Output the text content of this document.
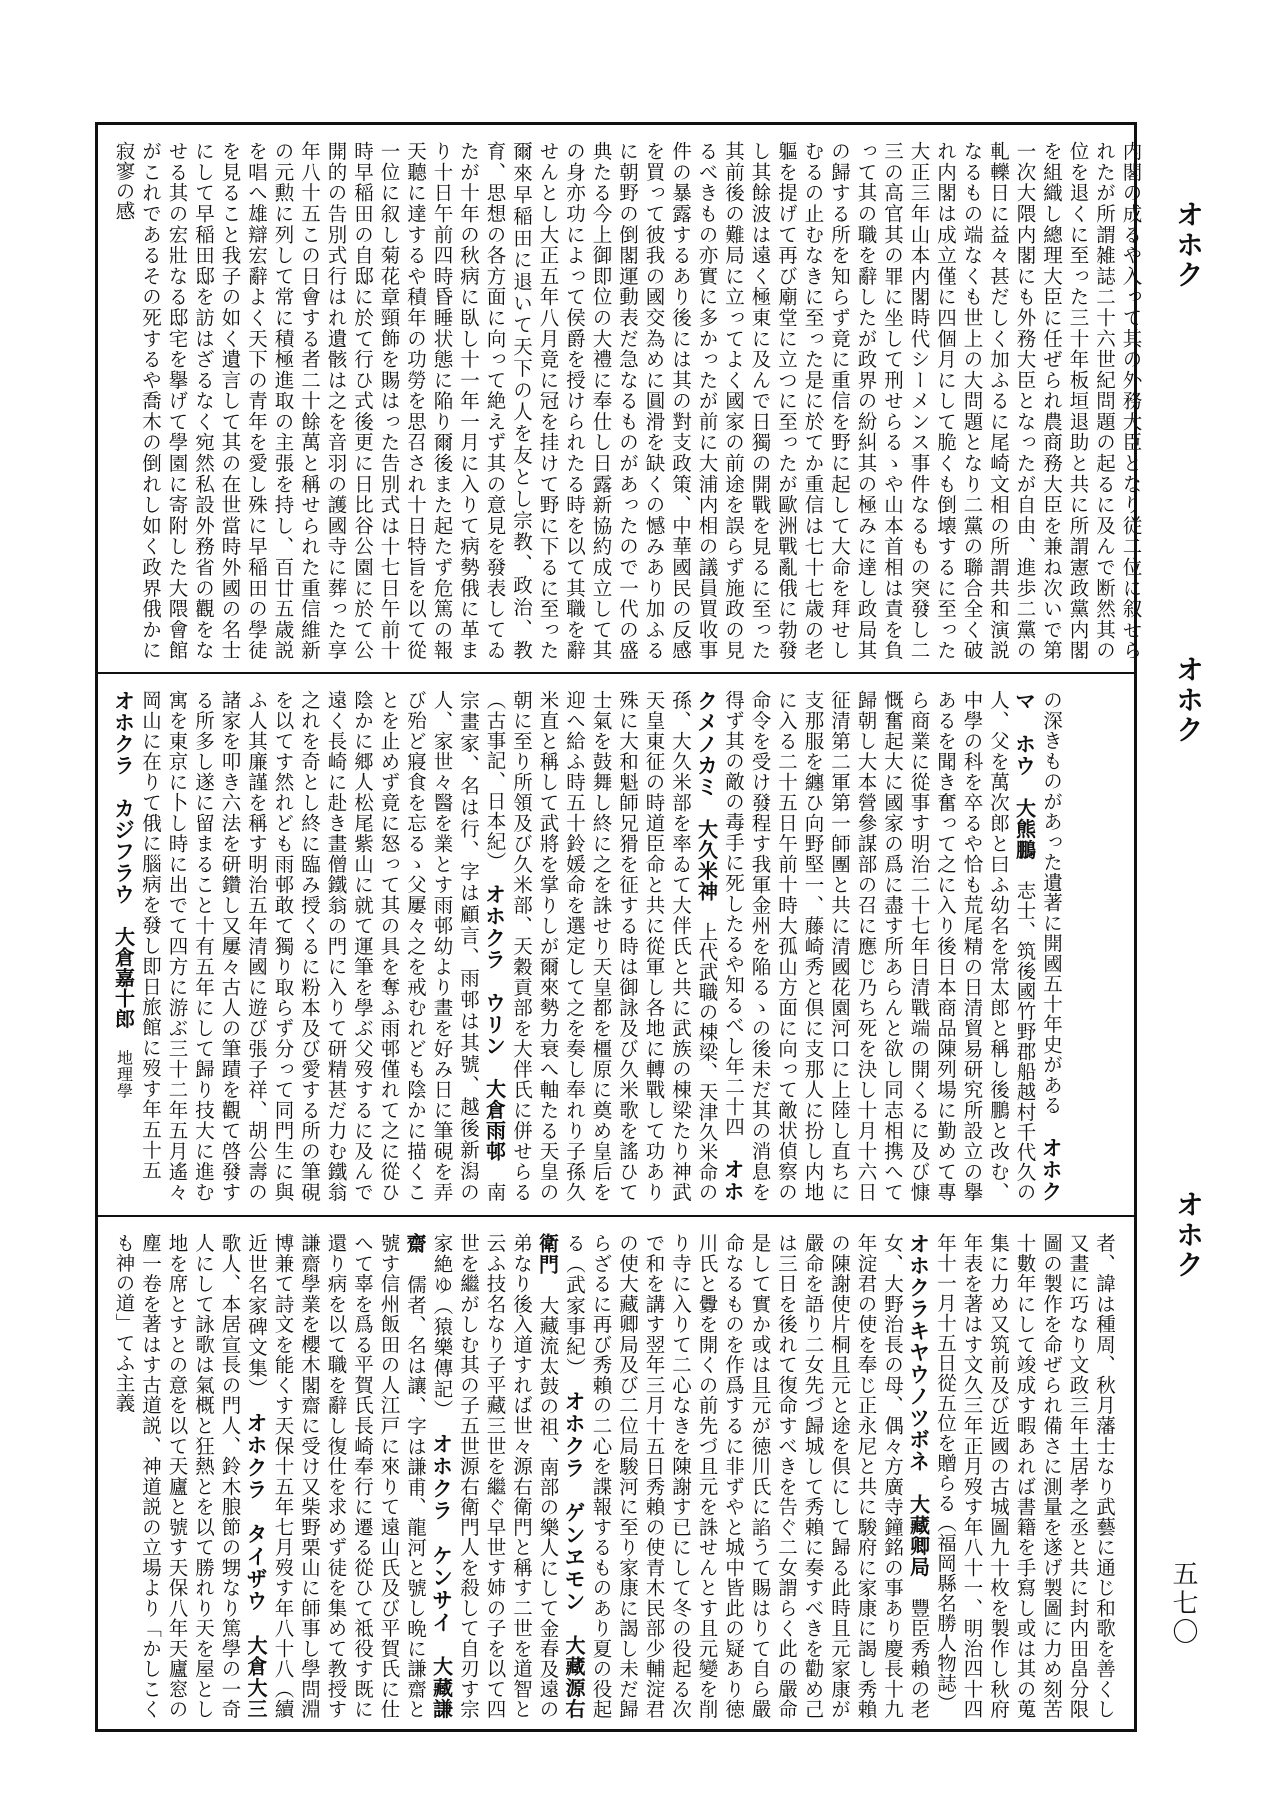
オホク
オホク
オホク
五七〇
内閣の成るや入って其の外務大臣となり従二位に叙せられたが所謂雑誌二十六世紀問題の起るに及んで断然其の位を退くに至った三十年板垣退助と共に所謂憲政黨内閣を組織し總理大臣に任ぜられ農商務大臣を兼ね次いで第一次大隈内閣にも外務大臣となったが自由、進歩二黨の軋轢日に益々甚だしく加ふるに尾崎文相の所謂共和演説なるもの端なくも世上の大問題となり二黨の聯合全く破れ内閣は成立僅に四個月にして脆くも倒壊するに至った大正三年山本内閣時代シーメンス事件なるもの突發し二三の高官其の罪に坐して刑せらるゝや山本首相は責を負って其の職を辭したが政界の紛糾其の極みに達し政局其の歸する所を知らず竟に重信を野に起して大命を拜せしむるの止むなきに至った是に於てか重信は七十七歳の老軀を提げて再び廟堂に立つに至ったが歐洲戰亂俄に勃發し其餘波は遠く極東に及んで日獨の開戰を見るに至った其前後の難局に立ってよく國家の前途を誤らず施政の見るべきもの亦實に多かったが前に大浦内相の議員買收事件の暴露するあり後には其の對支政策、中華國民の反感を買って彼我の國交為めに圓滑を缺くの憾みあり加ふるに朝野の倒閣運動表だ急なるものがあったので一代の盛典たる今上御即位の大禮に奉仕し日露新協約成立して其の身亦功によって侯爵を授けられたる時を以て其職を辭せんとし大正五年八月竟に冠を挂けて野に下るに至った爾來早稲田に退いて天下の人を友とし宗教、政治、教育、思想の各方面に向って絶えず其の意見を發表してゐたが十年の秋病に臥し十一年一月に入りて病勢俄に革まり十日午前四時昏睡状態に陥り爾後また起たず危篤の報天聽に達するや積年の功勞を思召され十日特旨を以て從一位に叙し菊花章頸飾を賜はった告別式は十七日午前十時早稲田の自邸に於て行ひ式後更に日比谷公園に於て公開的の告別式行はれ遺骸は之を音羽の護國寺に葬った享年八十五この日會する者二十餘萬と稱せられた重信維新の元勲に列して常に積極進取の主張を持し、百廿五歳説を唱へ雄辯宏辭よく天下の青年を愛し殊に早稲田の學徒を見ること我子の如く遺言して其の在世當時外國の名士にして早稲田邸を訪はざるなく宛然私設外務省の觀をなせる其の宏壯なる邸宅を擧げて學園に寄附した大隈會館がこれであるその死するや喬木の倒れし如く政界俄かに寂寥の感
の深きものがあった遺著に開國五十年史がある　オホクマ　ホウ　大熊鵬　志士、筑後國竹野郡船越村千代久の人、父を萬次郎と曰ふ幼名を常太郎と稱し後鵬と改む、中學の科を卒るや恰も荒尾精の日清貿易研究所設立の擧あるを聞き奮って之に入り後日本商品陳列場に勤めて專ら商業に從事す明治二十七年日清戰端の開くるに及び慷慨奮起大に國家の爲に盡す所あらんと欲し同志相携へて歸朝し大本營參謀部の召に應じ乃ち死を決し十月十六日征清第二軍第一師團と共に清國花園河口に上陸し直ちに支那服を纏ひ向野堅一、藤崎秀と倶に支那人に扮し内地に入る二十五日午前十時大孤山方面に向って敵状偵察の命令を受け發程す我軍金州を陥るゝの後未だ其の消息を得ず其の敵の毒手に死したるや知るべし年二十四　オホクメノカミ　大久米神　上代武職の棟梁、天津久米命の孫、大久米部を率ゐて大伴氏と共に武族の棟梁たり神武天皇東征の時道臣命と共に從軍し各地に轉戰して功あり殊に大和魁師兄猾を征する時は御詠及び久米歌を謠ひて士氣を鼓舞し終に之を誅せり天皇都を橿原に奠め皇后を迎へ給ふ時五十鈴媛命を選定して之を奏し奉れり子孫久米直と稱して武將を掌りしが爾來勢力衰へ軸たる天皇の朝に至り所領及び久米部、天穀貢部を大伴氏に併せらる（古事記、日本紀）　オホクラ　ウリン　大倉雨邨　南宗畫家、名は行、字は顧言、雨邨は其號、越後新潟の人、家世々醫を業とす雨邨幼より畫を好み日に筆硯を弄び殆ど寢食を忘るゝ父屢々之を戒むれども陰かに描くことを止めず竟に怒って其の具を奪ふ雨邨僅れて之に從ひ陰かに郷人松尾紫山に就て運筆を學ぶ父歿するに及んで遠く長崎に赴き畫僧鐵翁の門に入りて研精甚だ力む鐵翁之れを奇とし終に臨み授くるに粉本及び愛する所の筆硯を以てす然れども雨邨敢て獨り取らず分って同門生に與ふ人其廉謹を稱す明治五年清國に遊び張子祥、胡公壽の諸家を叩き六法を研鑽し又屢々古人の筆蹟を觀て啓發する所多し遂に留まること十有五年にして歸り技大に進む寓を東京に卜し時に出でて四方に游ぶ三十二年五月遙々岡山に在りて俄に腦病を發し即日旅館に歿す年五十五　オホクラ　カジフラウ　大倉嘉十郎　地理學　
者、諱は種周、秋月藩士なり武藝に通じ和歌を善くし又畫に巧なり文政三年土居孝之丞と共に封内田畠分限圖の製作を命ぜられ備さに測量を遂げ製圖に力め刻苦十數年にして竣成す暇あれば書籍を手寫し或は其の蒐集に力め又筑前及び近國の古城圖九十枚を製作し秋府年表を著はす文久三年正月歿す年八十一、明治四十四年十一月十五日從五位を贈らる（福岡縣名勝人物誌）　オホクラキヤウノツボネ　大藏卿局　豐臣秀賴の老女、大野治長の母、偶々方廣寺鐘銘の事あり慶長十九年淀君の使を奉じ正永尼と共に駿府に家康に謁し秀賴の陳謝使片桐且元と途を倶にして歸る此時且元家康が嚴命を語り二女先づ歸城して秀賴に奏すべきを勸め己は三日を後れて復命すべきを告ぐ二女謂らく此の嚴命是して實か或は且元が徳川氏に諂うて賜はりて自ら嚴命なるものを作爲するに非ずやと城中皆此の疑あり徳川氏と釁を開くの前先づ且元を誅せんとす且元變を削り寺に入りて二心なきを陳謝す已にして冬の役起る次で和を講す翌年三月十五日秀賴の使青木民部少輔淀君の使大藏卿局及び二位局駿河に至り家康に謁し未だ歸らざるに再び秀賴の二心を諜報するものあり夏の役起る（武家事紀）　オホクラ　ゲンヱモン　大藏源右衛門　大藏流太鼓の祖、南部の樂人にして金春及遠の弟なり後入道すれば世々源右衛門と稱す二世を道智と云ふ技名なり子平藏三世を繼ぐ早世す姉の子を以て四世を繼がしむ其の子五世源右衛門人を殺して自刃す宗家絶ゆ（猿樂傳記）　オホクラ　ケンサイ　大藏謙齋　儒者、名は讓、字は謙甫、龍河と號し晩に謙齋と號す信州飯田の人江戸に來りて遠山氏及び平賀氏に仕へて辜を爲る平賀氏長崎奉行に遷る從ひて祗役す既に還り病を以て職を辭し復仕を求めず徒を集めて教授す謙齋學業を櫻木閣齋に受け又柴野栗山に師事し學問淵博兼て詩文を能くす天保十五年七月歿す年八十八（續近世名家碑文集）　オホクラ　タイザウ　大倉大三　歌人、本居宣長の門人、鈴木朖節の甥なり篤學の一奇人にして詠歌は氣概と狂熱とを以て勝れり天を屋とし地を席とすとの意を以て天廬と號す天保八年天廬窓の塵一卷を著はす古道説、神道説の立場より「かしこくも神の道」てふ主義
